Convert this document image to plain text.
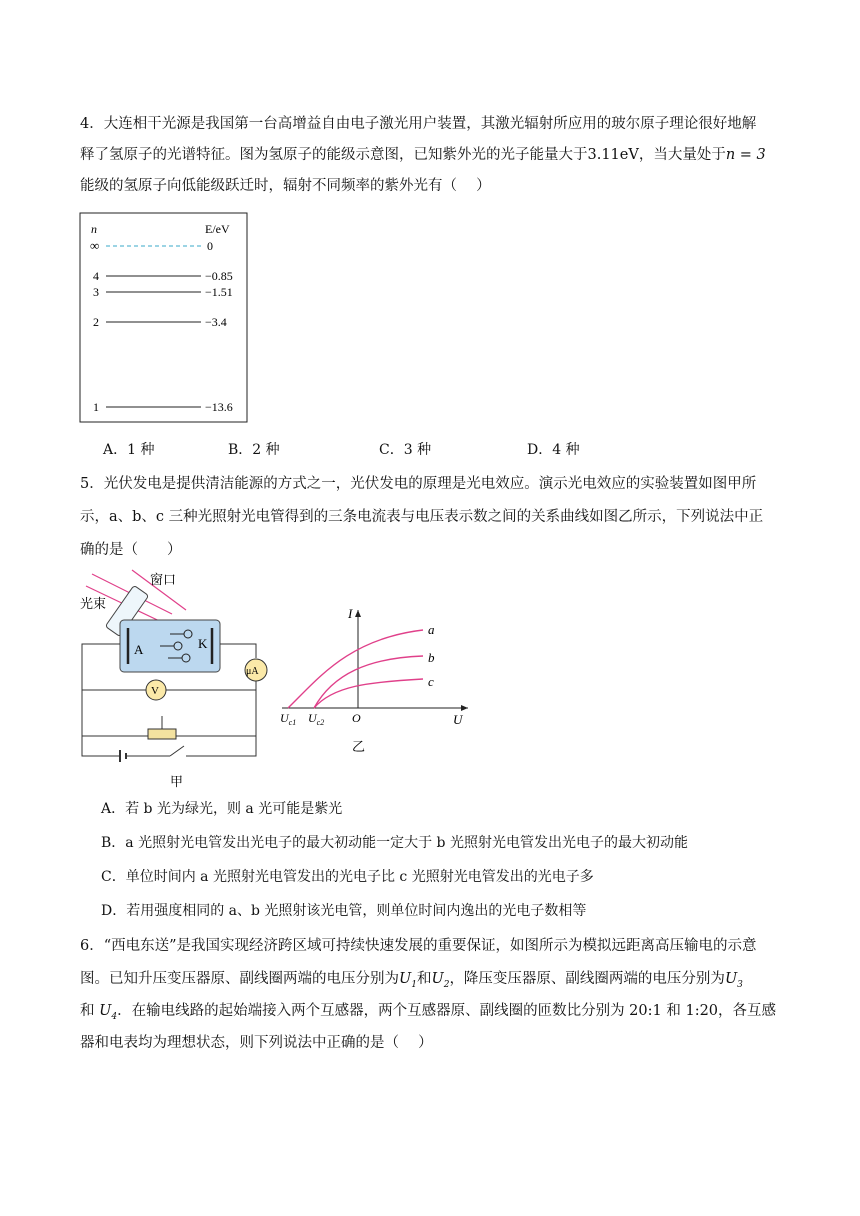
4．大连相干光源是我国第一台高增益自由电子激光用户装置，其激光辐射所应用的玻尔原子理论很好地解
释了氢原子的光谱特征。图为氢原子的能级示意图，已知紫外光的光子能量大于3.11eV，当大量处于n = 3
能级的氢原子向低能级跃迁时，辐射不同频率的紫外光有（　 ）
n	E/eV
∞	0
4	−0.85
3	−1.51
2	−3.4
1	−13.6
A．1 种	B．2 种	C．3 种	D．4 种
5．光伏发电是提供清洁能源的方式之一，光伏发电的原理是光电效应。演示光电效应的实验装置如图甲所
示，a、b、c 三种光照射光电管得到的三条电流表与电压表示数之间的关系曲线如图乙所示，下列说法中正
确的是（　　）
窗口
光束
A	K
μA
V
甲
I
U
O
$U_{c1}$ $U_{c2}$
a
b
c
乙
A．若 b 光为绿光，则 a 光可能是紫光
B．a 光照射光电管发出光电子的最大初动能一定大于 b 光照射光电管发出光电子的最大初动能
C．单位时间内 a 光照射光电管发出的光电子比 c 光照射光电管发出的光电子多
D．若用强度相同的 a、b 光照射该光电管，则单位时间内逸出的光电子数相等
6．“西电东送”是我国实现经济跨区域可持续快速发展的重要保证，如图所示为模拟远距离高压输电的示意
图。已知升压变压器原、副线圈两端的电压分别为$U_1$和$U_2$，降压变压器原、副线圈两端的电压分别为$U_3$
和 $U_4$．在输电线路的起始端接入两个互感器，两个互感器原、副线圈的匝数比分别为 20:1 和 1:20，各互感
器和电表均为理想状态，则下列说法中正确的是（　 ）
